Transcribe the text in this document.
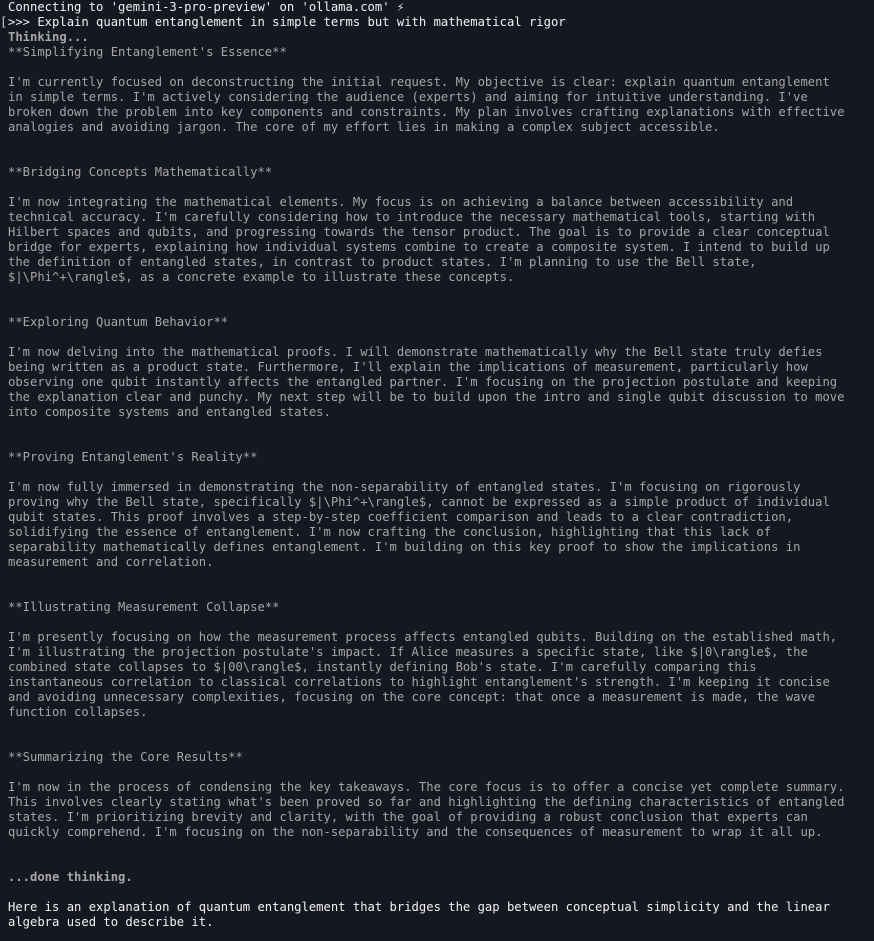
[
Connecting to 'gemini-3-pro-preview' on 'ollama.com' ⚡
>>> Explain quantum entanglement in simple terms but with mathematical rigor
Thinking...
**Simplifying Entanglement's Essence**
I'm currently focused on deconstructing the initial request. My objective is clear: explain quantum entanglement
in simple terms. I'm actively considering the audience (experts) and aiming for intuitive understanding. I've
broken down the problem into key components and constraints. My plan involves crafting explanations with effective
analogies and avoiding jargon. The core of my effort lies in making a complex subject accessible.
**Bridging Concepts Mathematically**
I'm now integrating the mathematical elements. My focus is on achieving a balance between accessibility and
technical accuracy. I'm carefully considering how to introduce the necessary mathematical tools, starting with
Hilbert spaces and qubits, and progressing towards the tensor product. The goal is to provide a clear conceptual
bridge for experts, explaining how individual systems combine to create a composite system. I intend to build up
the definition of entangled states, in contrast to product states. I'm planning to use the Bell state,
$|\Phi^+\rangle$, as a concrete example to illustrate these concepts.
**Exploring Quantum Behavior**
I'm now delving into the mathematical proofs. I will demonstrate mathematically why the Bell state truly defies
being written as a product state. Furthermore, I'll explain the implications of measurement, particularly how
observing one qubit instantly affects the entangled partner. I'm focusing on the projection postulate and keeping
the explanation clear and punchy. My next step will be to build upon the intro and single qubit discussion to move
into composite systems and entangled states.
**Proving Entanglement's Reality**
I'm now fully immersed in demonstrating the non-separability of entangled states. I'm focusing on rigorously
proving why the Bell state, specifically $|\Phi^+\rangle$, cannot be expressed as a simple product of individual
qubit states. This proof involves a step-by-step coefficient comparison and leads to a clear contradiction,
solidifying the essence of entanglement. I'm now crafting the conclusion, highlighting that this lack of
separability mathematically defines entanglement. I'm building on this key proof to show the implications in
measurement and correlation.
**Illustrating Measurement Collapse**
I'm presently focusing on how the measurement process affects entangled qubits. Building on the established math,
I'm illustrating the projection postulate's impact. If Alice measures a specific state, like $|0\rangle$, the
combined state collapses to $|00\rangle$, instantly defining Bob's state. I'm carefully comparing this
instantaneous correlation to classical correlations to highlight entanglement's strength. I'm keeping it concise
and avoiding unnecessary complexities, focusing on the core concept: that once a measurement is made, the wave
function collapses.
**Summarizing the Core Results**
I'm now in the process of condensing the key takeaways. The core focus is to offer a concise yet complete summary.
This involves clearly stating what's been proved so far and highlighting the defining characteristics of entangled
states. I'm prioritizing brevity and clarity, with the goal of providing a robust conclusion that experts can
quickly comprehend. I'm focusing on the non-separability and the consequences of measurement to wrap it all up.
...done thinking.
Here is an explanation of quantum entanglement that bridges the gap between conceptual simplicity and the linear
algebra used to describe it.
